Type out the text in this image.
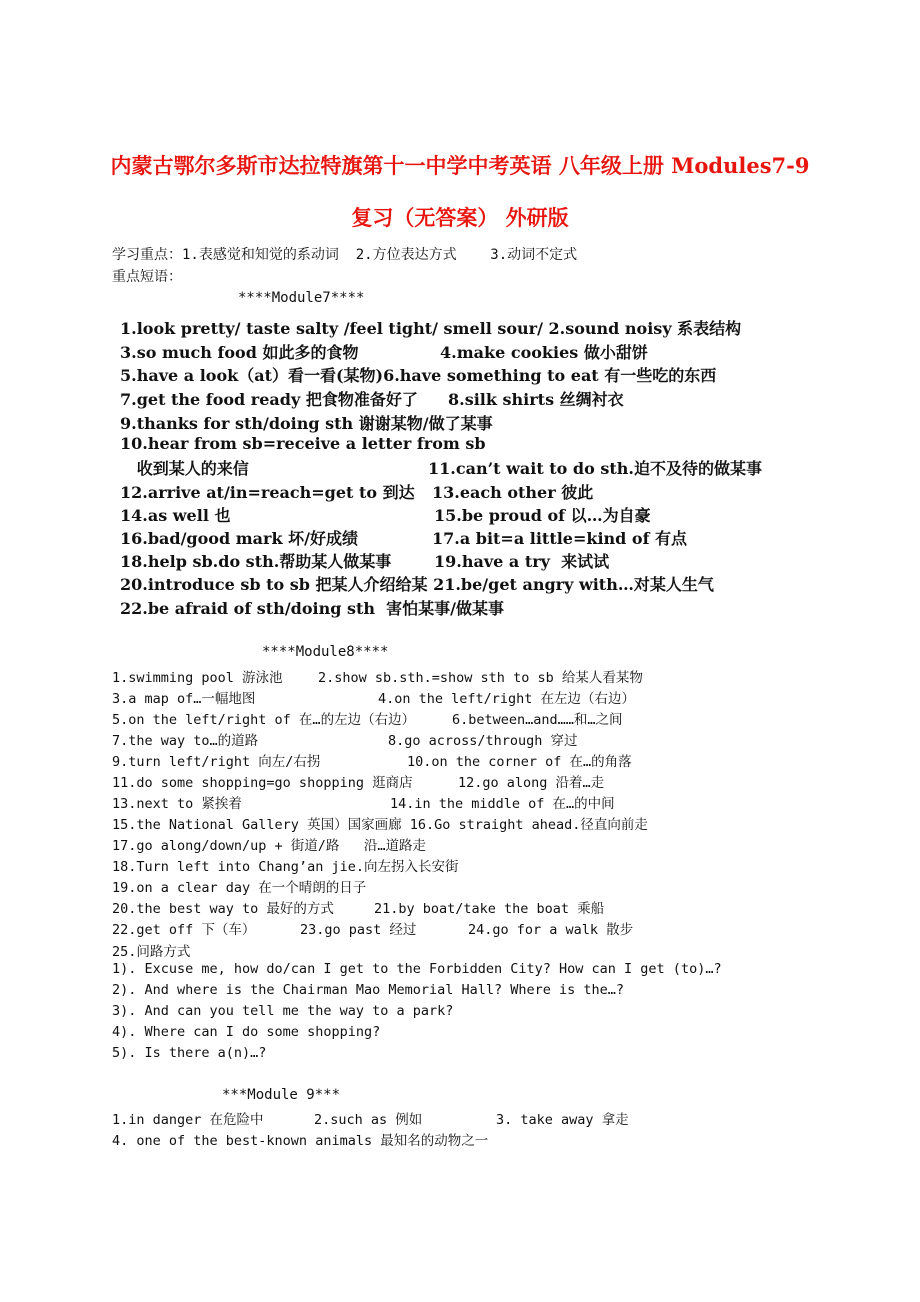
内蒙古鄂尔多斯市达拉特旗第十一中学中考英语 八年级上册 Modules7-9
复习（无答案） 外研版
学习重点：1.表感觉和知觉的系动词  2.方位表达方式    3.动词不定式
重点短语：
****Module7****
1.look pretty/ taste salty /feel tight/ smell sour/ 2.sound noisy 系表结构
3.so much food 如此多的食物	4.make cookies 做小甜饼
5.have a look（at）看一看(某物)6.have something to eat 有一些吃的东西
7.get the food ready 把食物准备好了 8.silk shirts 丝绸衬衣
9.thanks for sth/doing sth 谢谢某物/做了某事
10.hear from sb=receive a letter from sb
收到某人的来信	11.can’t wait to do sth.迫不及待的做某事
12.arrive at/in=reach=get to 到达 13.each other 彼此
14.as well 也	15.be proud of 以…为自豪
16.bad/good mark 坏/好成绩	17.a bit=a little=kind of 有点
18.help sb.do sth.帮助某人做某事	19.have a try  来试试
20.introduce sb to sb 把某人介绍给某 21.be/get angry with…对某人生气
22.be afraid of sth/doing sth  害怕某事/做某事
****Module8****
1.swimming pool 游泳池	2.show sb.sth.=show sth to sb 给某人看某物
3.a map of…一幅地图	4.on the left/right 在左边（右边）
5.on the left/right of 在…的左边（右边）	6.between…and……和…之间
7.the way to…的道路	8.go across/through 穿过
9.turn left/right 向左/右拐	10.on the corner of 在…的角落
11.do some shopping=go shopping 逛商店	12.go along 沿着…走
13.next to 紧挨着	14.in the middle of 在…的中间
15.the National Gallery 英国）国家画廊 16.Go straight ahead.径直向前走
17.go along/down/up + 街道/路   沿…道路走
18.Turn left into Chang’an jie.向左拐入长安街
19.on a clear day 在一个晴朗的日子
20.the best way to 最好的方式	21.by boat/take the boat 乘船
22.get off 下（车）	23.go past 经过	24.go for a walk 散步
25.问路方式
1). Excuse me, how do/can I get to the Forbidden City? How can I get (to)…?
2). And where is the Chairman Mao Memorial Hall? Where is the…?
3). And can you tell me the way to a park?
4). Where can I do some shopping?
5). Is there a(n)…?
***Module 9***
1.in danger 在危险中	2.such as 例如	3. take away 拿走
4. one of the best-known animals 最知名的动物之一
